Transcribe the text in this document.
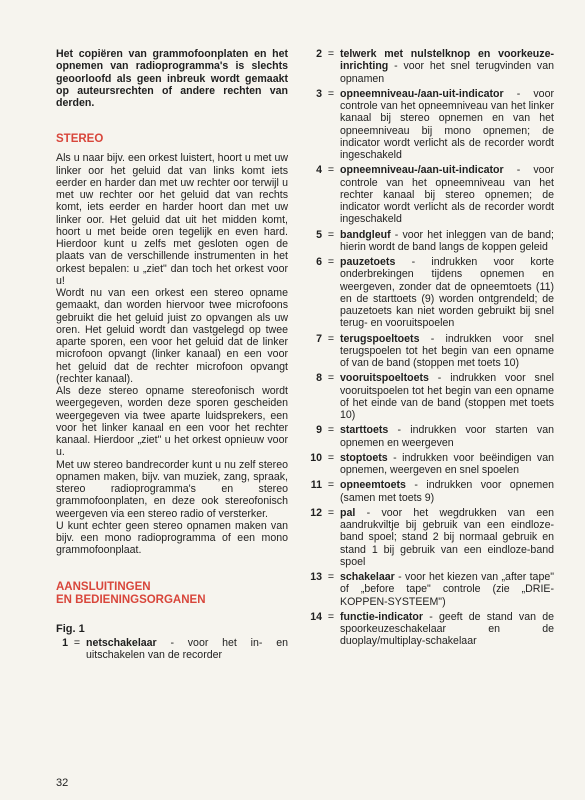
Het copiëren van grammofoonplaten en het opnemen van radioprogramma's is slechts geoorloofd als geen inbreuk wordt gemaakt op auteursrechten of andere rechten van derden.

STEREO

Als u naar bijv. een orkest luistert, hoort u met uw linker oor het geluid dat van links komt iets eerder en harder dan met uw rechter oor terwijl u met uw rechter oor het geluid dat van rechts komt, iets eerder en harder hoort dan met uw linker oor. Het geluid dat uit het midden komt, hoort u met beide oren tegelijk en even hard. Hierdoor kunt u zelfs met gesloten ogen de plaats van de verschillende instrumenten in het orkest bepalen: u „ziet" dan toch het orkest voor u!

Wordt nu van een orkest een stereo opname gemaakt, dan worden hiervoor twee microfoons gebruikt die het geluid juist zo opvangen als uw oren. Het geluid wordt dan vastgelegd op twee aparte sporen, een voor het geluid dat de linker microfoon opvangt (linker kanaal) en een voor het geluid dat de rechter microfoon opvangt (rechter kanaal).

Als deze stereo opname stereofonisch wordt weergegeven, worden deze sporen gescheiden weergegeven via twee aparte luidsprekers, een voor het linker kanaal en een voor het rechter kanaal. Hierdoor „ziet" u het orkest opnieuw voor u.

Met uw stereo bandrecorder kunt u nu zelf stereo opnamen maken, bijv. van muziek, zang, spraak, stereo radioprogramma's en stereo grammofoonplaten, en deze ook stereofonisch weergeven via een stereo radio of versterker.

U kunt echter geen stereo opnamen maken van bijv. een mono radioprogramma of een mono grammofoonplaat.

AANSLUITINGEN
EN BEDIENINGSORGANEN
Fig. 1
1 = netschakelaar - voor het in- en uitschakelen van de recorder
2 = telwerk met nulstelknop en voorkeuze-inrichting - voor het snel terugvinden van opnamen
3 = opneemniveau-/aan-uit-indicator - voor controle van het opneemniveau van het linker kanaal bij stereo opnemen en van het opneemniveau bij mono opnemen; de indicator wordt verlicht als de recorder wordt ingeschakeld
4 = opneemniveau-/aan-uit-indicator - voor controle van het opneemniveau van het rechter kanaal bij stereo opnemen; de indicator wordt verlicht als de recorder wordt ingeschakeld
5 = bandgleuf - voor het inleggen van de band; hierin wordt de band langs de koppen geleid
6 = pauzetoets - indrukken voor korte onderbrekingen tijdens opnemen en weergeven, zonder dat de opneemtoets (11) en de starttoets (9) worden ontgrendeld; de pauzetoets kan niet worden gebruikt bij snel terug- en vooruitspoelen
7 = terugspoeltoets - indrukken voor snel terugspoelen tot het begin van een opname of van de band (stoppen met toets 10)
8 = vooruitspoeltoets - indrukken voor snel vooruitspoelen tot het begin van een opname of het einde van de band (stoppen met toets 10)
9 = starttoets - indrukken voor starten van opnemen en weergeven
10 = stoptoets - indrukken voor beëindigen van opnemen, weergeven en snel spoelen
11 = opneemtoets - indrukken voor opnemen (samen met toets 9)
12 = pal - voor het wegdrukken van een aandrukviltje bij gebruik van een eindloze-band spoel; stand 2 bij normaal gebruik en stand 1 bij gebruik van een eindloze-band spoel
13 = schakelaar - voor het kiezen van „after tape" of „before tape" controle (zie „DRIE-KOPPEN-SYSTEEM")
14 = functie-indicator - geeft de stand van de spoorkeuzeschakelaar en de duoplay/multiplay-schakelaar
32
